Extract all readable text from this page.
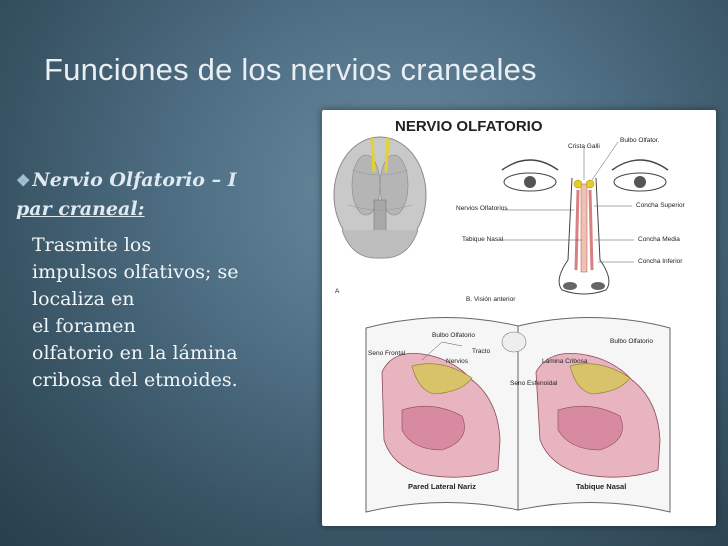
Funciones de los nervios craneales

❖ Nervio Olfatorio – I
par craneal:

Trasmite los
impulsos olfativos; se
localiza en
el foramen
olfatorio en la lámina
cribosa del etmoides.
NERVIO OLFATORIO
Crista Galli
Bulbo Olfator.
Nervios Olfatorios	Concha Superior
Tabique Nasal	Concha Media
Concha Inferior
A
B. Visión anterior
Bulbo Olfatorio
Seno Frontal
Nervios
Tracto
Bulbo Olfatorio
Lámina Cribosa
Seno Esfenoidal
Pared Lateral Nariz	Tabique Nasal
